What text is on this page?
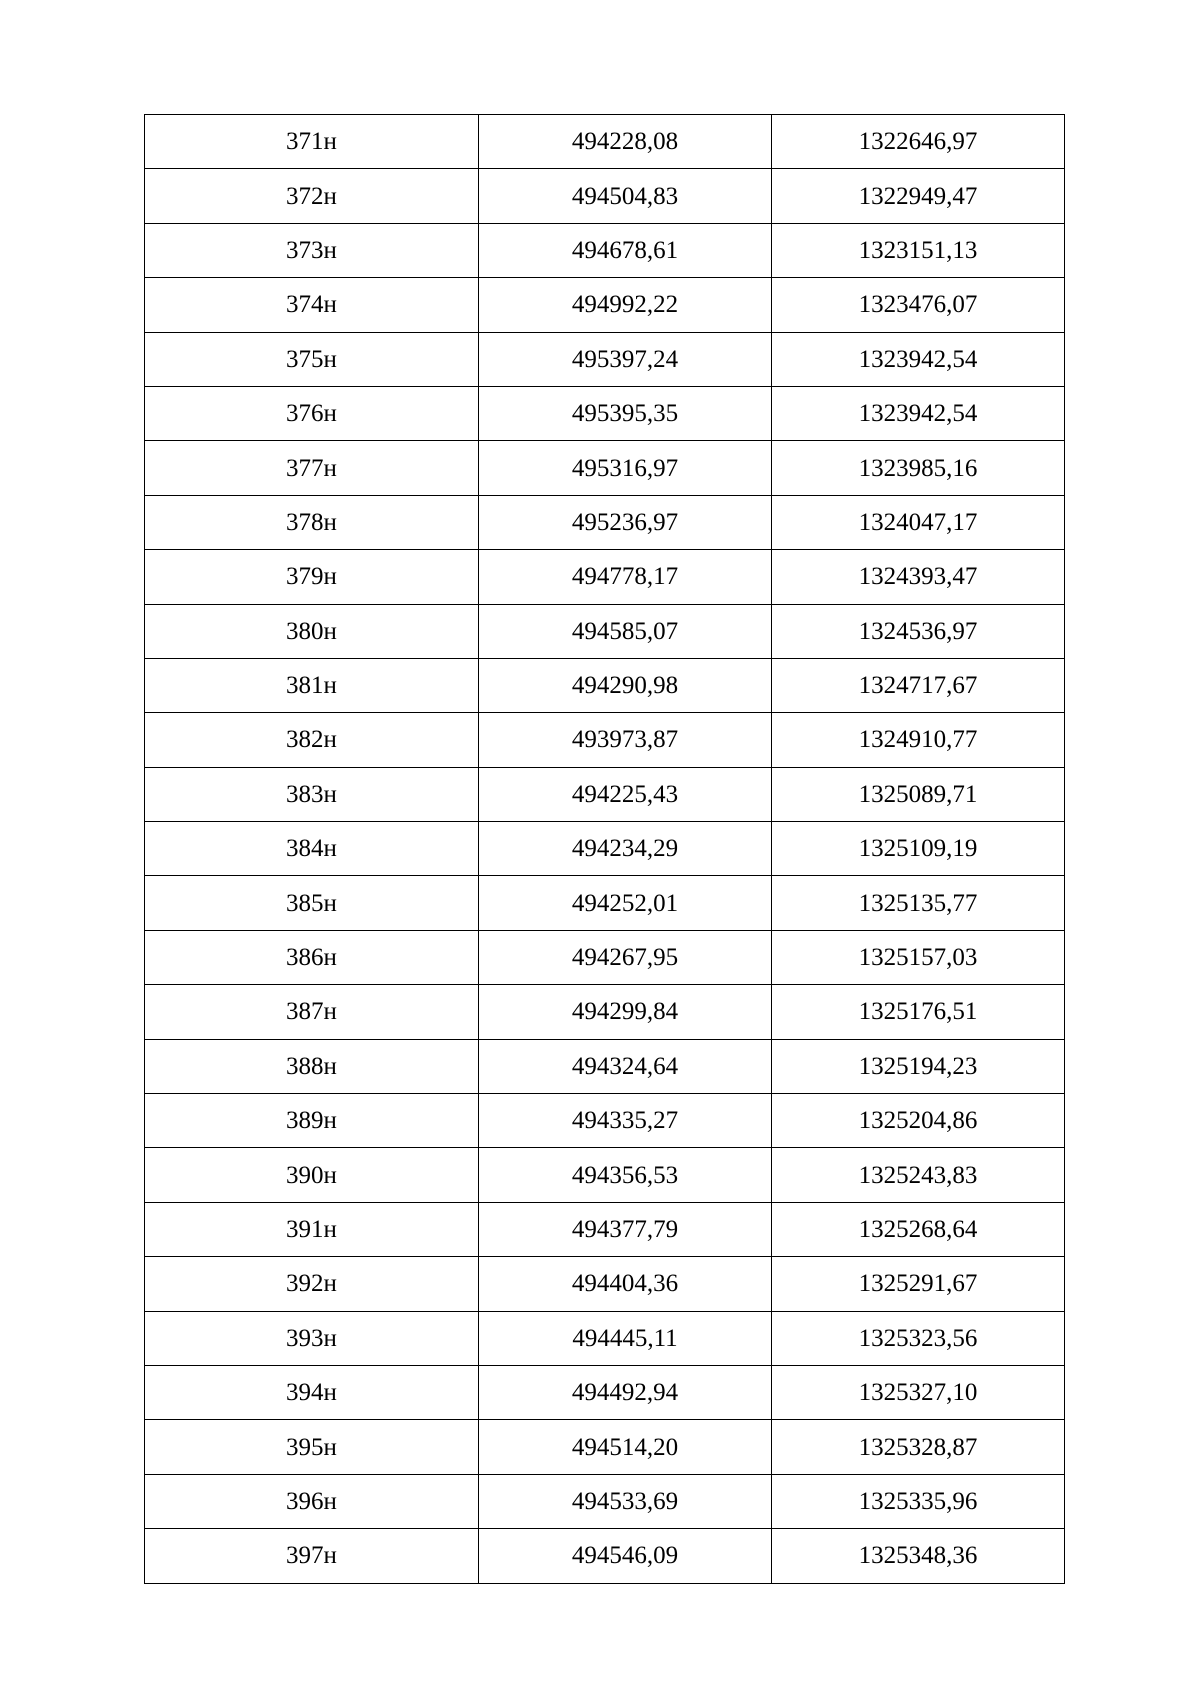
371н	494228,08	1322646,97
372н	494504,83	1322949,47
373н	494678,61	1323151,13
374н	494992,22	1323476,07
375н	495397,24	1323942,54
376н	495395,35	1323942,54
377н	495316,97	1323985,16
378н	495236,97	1324047,17
379н	494778,17	1324393,47
380н	494585,07	1324536,97
381н	494290,98	1324717,67
382н	493973,87	1324910,77
383н	494225,43	1325089,71
384н	494234,29	1325109,19
385н	494252,01	1325135,77
386н	494267,95	1325157,03
387н	494299,84	1325176,51
388н	494324,64	1325194,23
389н	494335,27	1325204,86
390н	494356,53	1325243,83
391н	494377,79	1325268,64
392н	494404,36	1325291,67
393н	494445,11	1325323,56
394н	494492,94	1325327,10
395н	494514,20	1325328,87
396н	494533,69	1325335,96
397н	494546,09	1325348,36
